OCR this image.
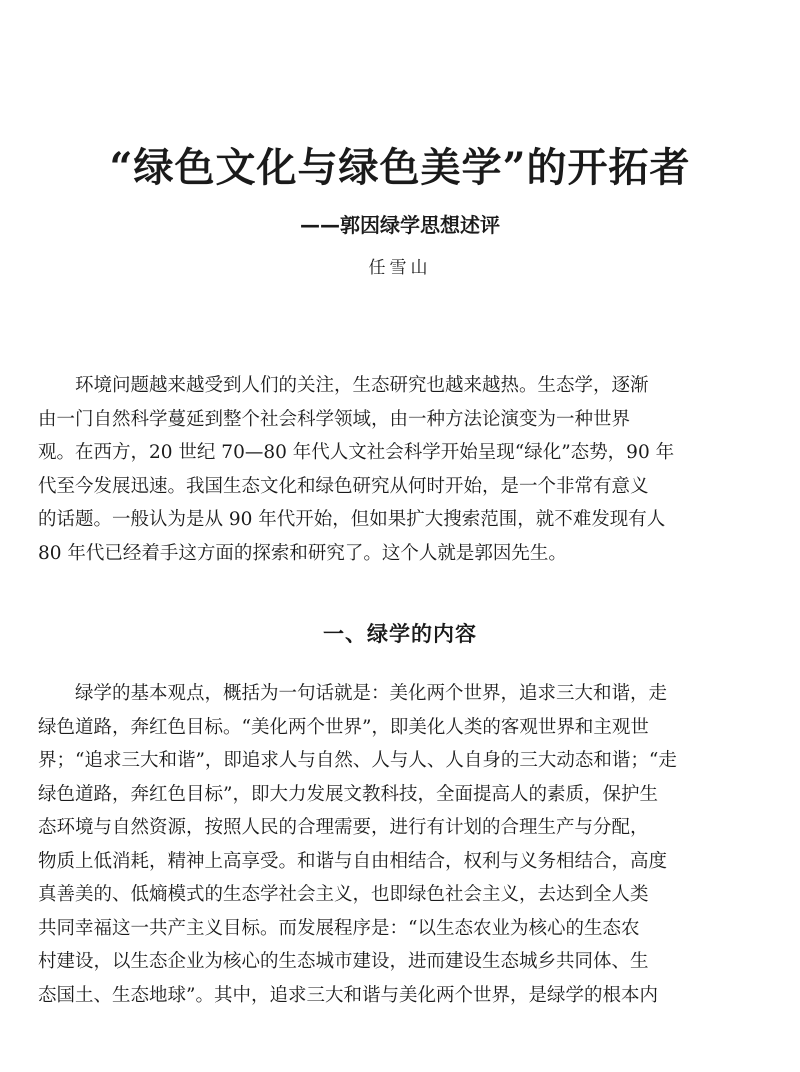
“绿色文化与绿色美学”的开拓者
——郭因绿学思想述评

任雪山

环境问题越来越受到人们的关注，生态研究也越来越热。生态学，逐渐
由一门自然科学蔓延到整个社会科学领域，由一种方法论演变为一种世界
观。在西方，20 世纪 70—80 年代人文社会科学开始呈现“绿化”态势，90 年
代至今发展迅速。我国生态文化和绿色研究从何时开始，是一个非常有意义
的话题。一般认为是从 90 年代开始，但如果扩大搜索范围，就不难发现有人
80 年代已经着手这方面的探索和研究了。这个人就是郭因先生。
一、绿学的内容
绿学的基本观点，概括为一句话就是：美化两个世界，追求三大和谐，走
绿色道路，奔红色目标。“美化两个世界”，即美化人类的客观世界和主观世
界；“追求三大和谐”，即追求人与自然、人与人、人自身的三大动态和谐；“走
绿色道路，奔红色目标”，即大力发展文教科技，全面提高人的素质，保护生
态环境与自然资源，按照人民的合理需要，进行有计划的合理生产与分配，
物质上低消耗，精神上高享受。和谐与自由相结合，权利与义务相结合，高度
真善美的、低熵模式的生态学社会主义，也即绿色社会主义，去达到全人类
共同幸福这一共产主义目标。而发展程序是：“以生态农业为核心的生态农
村建设，以生态企业为核心的生态城市建设，进而建设生态城乡共同体、生
态国土、生态地球”。其中，追求三大和谐与美化两个世界，是绿学的根本内
